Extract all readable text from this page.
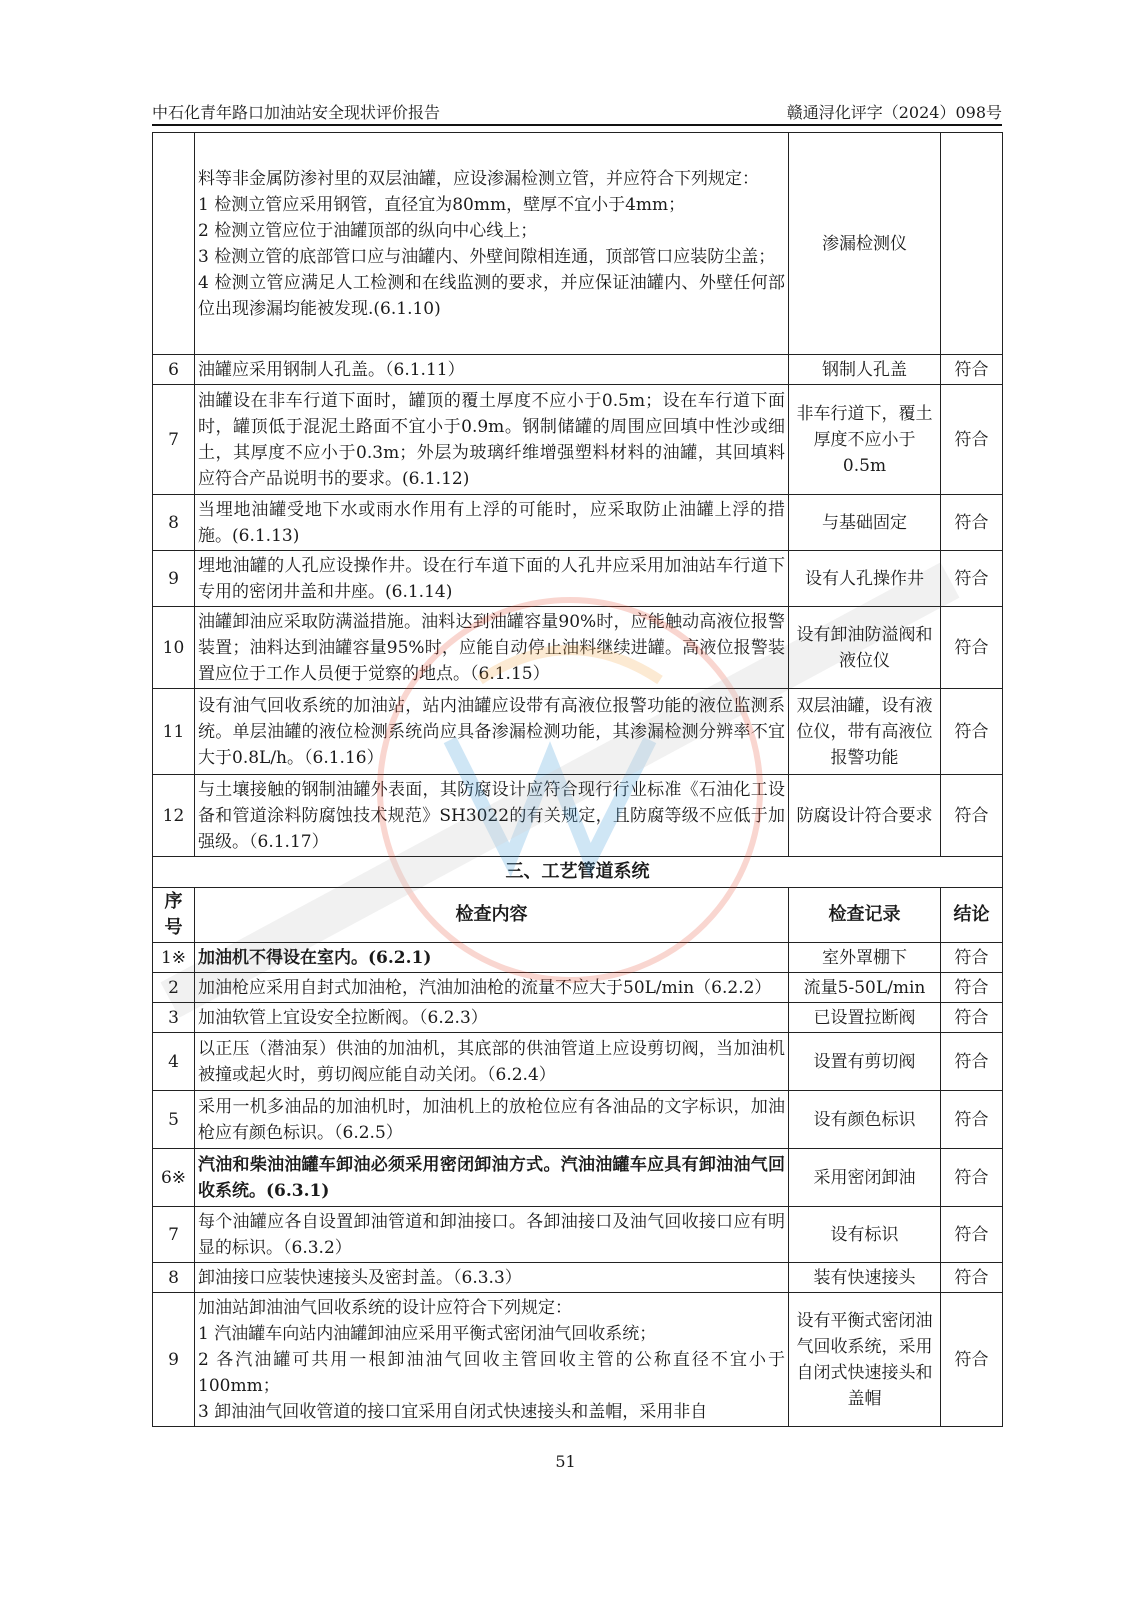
中石化青年路口加油站安全现状评价报告	赣通浔化评字（2024）098号

	料等非金属防渗衬里的双层油罐，应设渗漏检测立管，并应符合下列规定：
1 检测立管应采用钢管，直径宜为80mm，壁厚不宜小于4mm；
2 检测立管应位于油罐顶部的纵向中心线上；
3 检测立管的底部管口应与油罐内、外壁间隙相连通，顶部管口应装防尘盖；
4 检测立管应满足人工检测和在线监测的要求，并应保证油罐内、外壁任何部位出现渗漏均能被发现.(6.1.10)	渗漏检测仪	
6	油罐应采用钢制人孔盖。（6.1.11）	钢制人孔盖	符合
7	油罐设在非车行道下面时，罐顶的覆土厚度不应小于0.5m；设在车行道下面时，罐顶低于混泥土路面不宜小于0.9m。钢制储罐的周围应回填中性沙或细土，其厚度不应小于0.3m；外层为玻璃纤维增强塑料材料的油罐，其回填料应符合产品说明书的要求。(6.1.12)	非车行道下，覆土厚度不应小于0.5m	符合
8	当埋地油罐受地下水或雨水作用有上浮的可能时，应采取防止油罐上浮的措施。(6.1.13)	与基础固定	符合
9	埋地油罐的人孔应设操作井。设在行车道下面的人孔井应采用加油站车行道下专用的密闭井盖和井座。(6.1.14)	设有人孔操作井	符合
10	油罐卸油应采取防满溢措施。油料达到油罐容量90%时，应能触动高液位报警装置；油料达到油罐容量95%时，应能自动停止油料继续进罐。高液位报警装置应位于工作人员便于觉察的地点。（6.1.15）	设有卸油防溢阀和液位仪	符合
11	设有油气回收系统的加油站，站内油罐应设带有高液位报警功能的液位监测系统。单层油罐的液位检测系统尚应具备渗漏检测功能，其渗漏检测分辨率不宜大于0.8L/h。（6.1.16）	双层油罐，设有液位仪，带有高液位报警功能	符合
12	与土壤接触的钢制油罐外表面，其防腐设计应符合现行行业标准《石油化工设备和管道涂料防腐蚀技术规范》SH3022的有关规定，且防腐等级不应低于加强级。（6.1.17）	防腐设计符合要求	符合
三、工艺管道系统			
序号	检查内容	检查记录	结论
1※	加油机不得设在室内。(6.2.1)	室外罩棚下	符合
2	加油枪应采用自封式加油枪，汽油加油枪的流量不应大于50L/min（6.2.2）	流量5-50L/min	符合
3	加油软管上宜设安全拉断阀。（6.2.3）	已设置拉断阀	符合
4	以正压（潜油泵）供油的加油机，其底部的供油管道上应设剪切阀，当加油机被撞或起火时，剪切阀应能自动关闭。（6.2.4）	设置有剪切阀	符合
5	采用一机多油品的加油机时，加油机上的放枪位应有各油品的文字标识，加油枪应有颜色标识。（6.2.5）	设有颜色标识	符合
6※	汽油和柴油油罐车卸油必须采用密闭卸油方式。汽油油罐车应具有卸油油气回收系统。(6.3.1)	采用密闭卸油	符合
7	每个油罐应各自设置卸油管道和卸油接口。各卸油接口及油气回收接口应有明显的标识。（6.3.2）	设有标识	符合
8	卸油接口应装快速接头及密封盖。（6.3.3）	装有快速接头	符合
9	加油站卸油油气回收系统的设计应符合下列规定：
1 汽油罐车向站内油罐卸油应采用平衡式密闭油气回收系统；
2 各汽油罐可共用一根卸油油气回收主管回收主管的公称直径不宜小于100mm；
3 卸油油气回收管道的接口宜采用自闭式快速接头和盖帽，采用非自	设有平衡式密闭油气回收系统，采用自闭式快速接头和盖帽	符合
51
